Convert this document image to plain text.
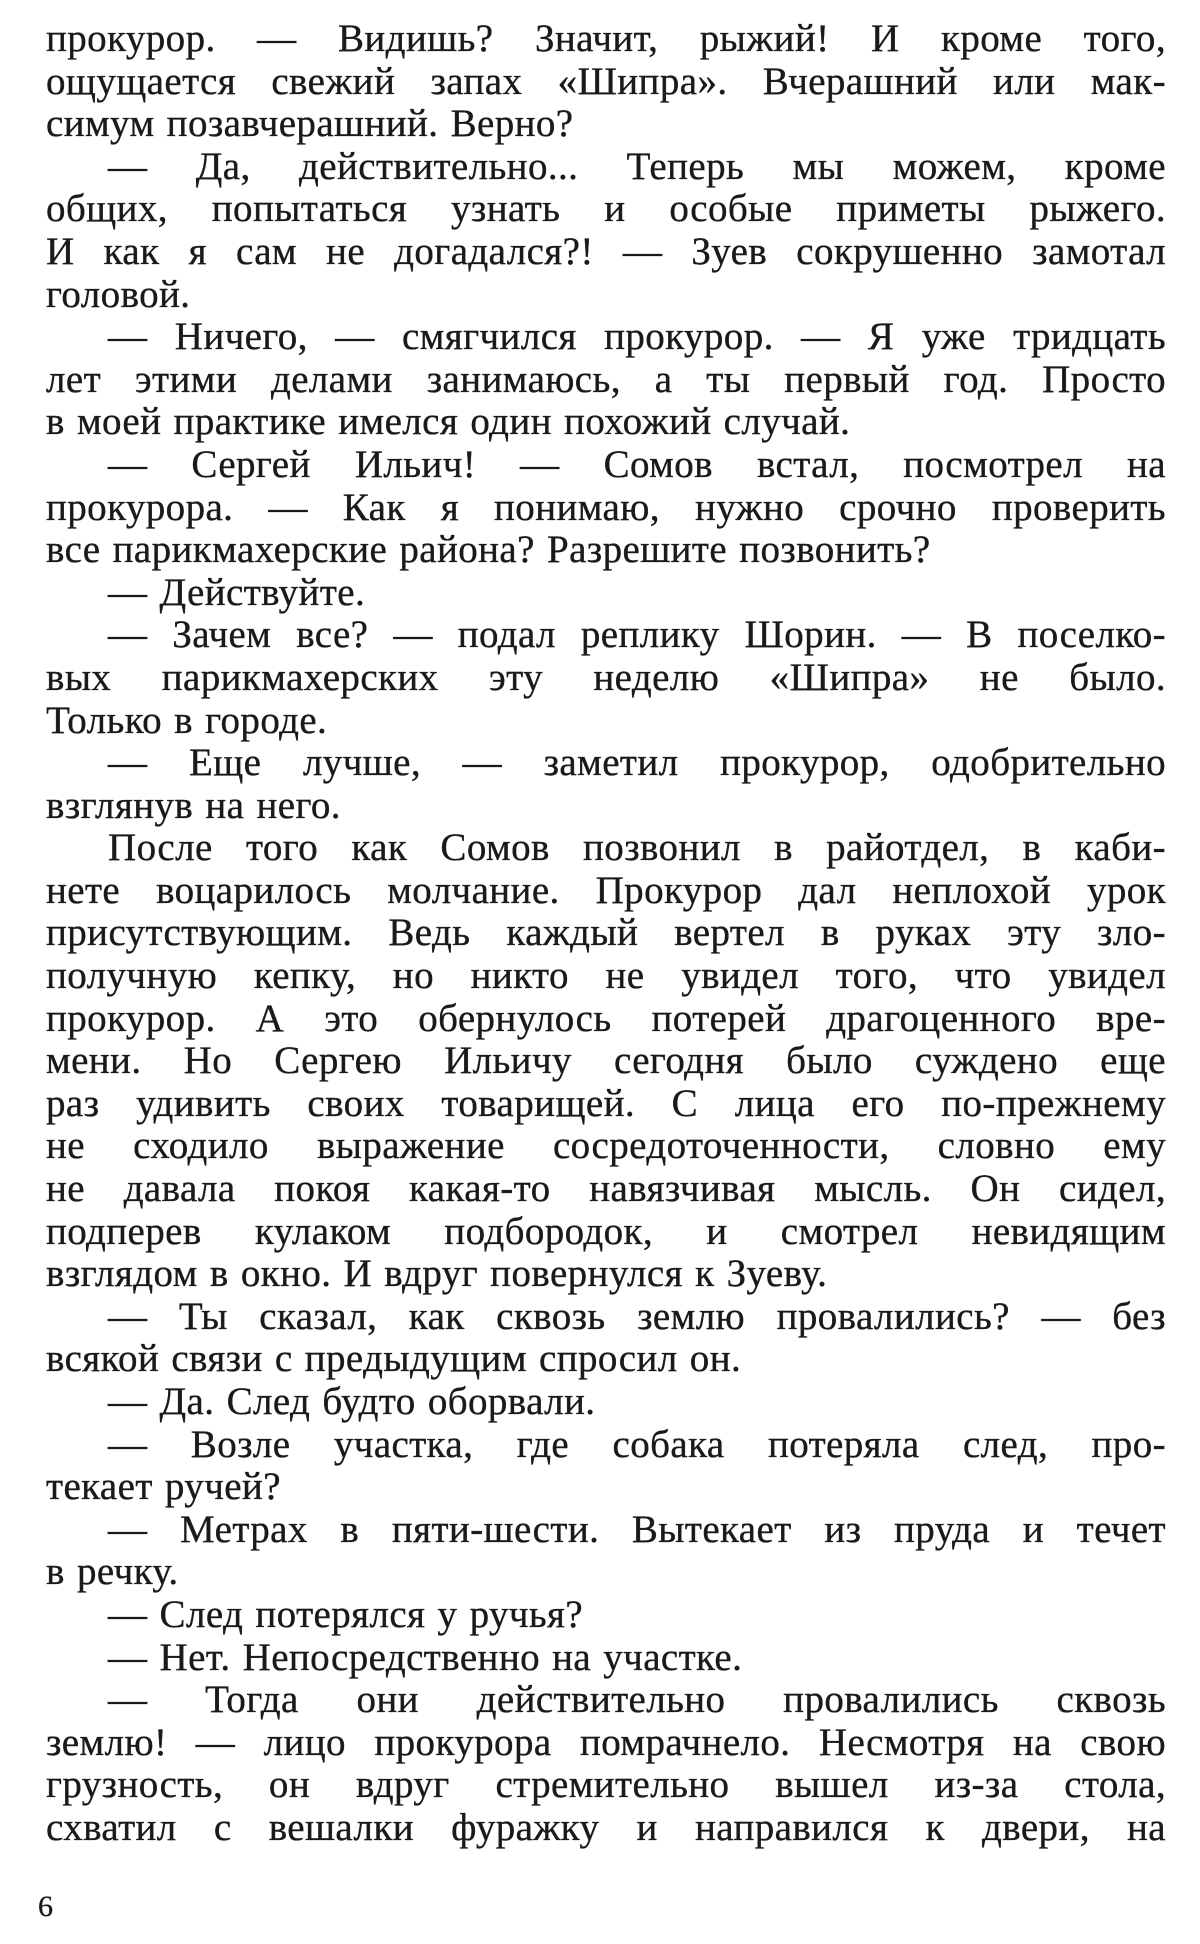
прокурор. — Видишь? Значит, рыжий! И кроме того,
ощущается свежий запах «Шипра». Вчерашний или мак-
симум позавчерашний. Верно?
— Да, действительно... Теперь мы можем, кроме
общих, попытаться узнать и особые приметы рыжего.
И как я сам не догадался?! — Зуев сокрушенно замотал
головой.
— Ничего, — смягчился прокурор. — Я уже тридцать
лет этими делами занимаюсь, а ты первый год. Просто
в моей практике имелся один похожий случай.
— Сергей Ильич! — Сомов встал, посмотрел на
прокурора. — Как я понимаю, нужно срочно проверить
все парикмахерские района? Разрешите позвонить?
— Действуйте.
— Зачем все? — подал реплику Шорин. — В поселко-
вых парикмахерских эту неделю «Шипра» не было.
Только в городе.
— Еще лучше, — заметил прокурор, одобрительно
взглянув на него.
После того как Сомов позвонил в райотдел, в каби-
нете воцарилось молчание. Прокурор дал неплохой урок
присутствующим. Ведь каждый вертел в руках эту зло-
получную кепку, но никто не увидел того, что увидел
прокурор. А это обернулось потерей драгоценного вре-
мени. Но Сергею Ильичу сегодня было суждено еще
раз удивить своих товарищей. С лица его по-прежнему
не сходило выражение сосредоточенности, словно ему
не давала покоя какая-то навязчивая мысль. Он сидел,
подперев кулаком подбородок, и смотрел невидящим
взглядом в окно. И вдруг повернулся к Зуеву.
— Ты сказал, как сквозь землю провалились? — без
всякой связи с предыдущим спросил он.
— Да. След будто оборвали.
— Возле участка, где собака потеряла след, про-
текает ручей?
— Метрах в пяти-шести. Вытекает из пруда и течет
в речку.
— След потерялся у ручья?
— Нет. Непосредственно на участке.
— Тогда они действительно провалились сквозь
землю! — лицо прокурора помрачнело. Несмотря на свою
грузность, он вдруг стремительно вышел из-за стола,
схватил с вешалки фуражку и направился к двери, на
6
